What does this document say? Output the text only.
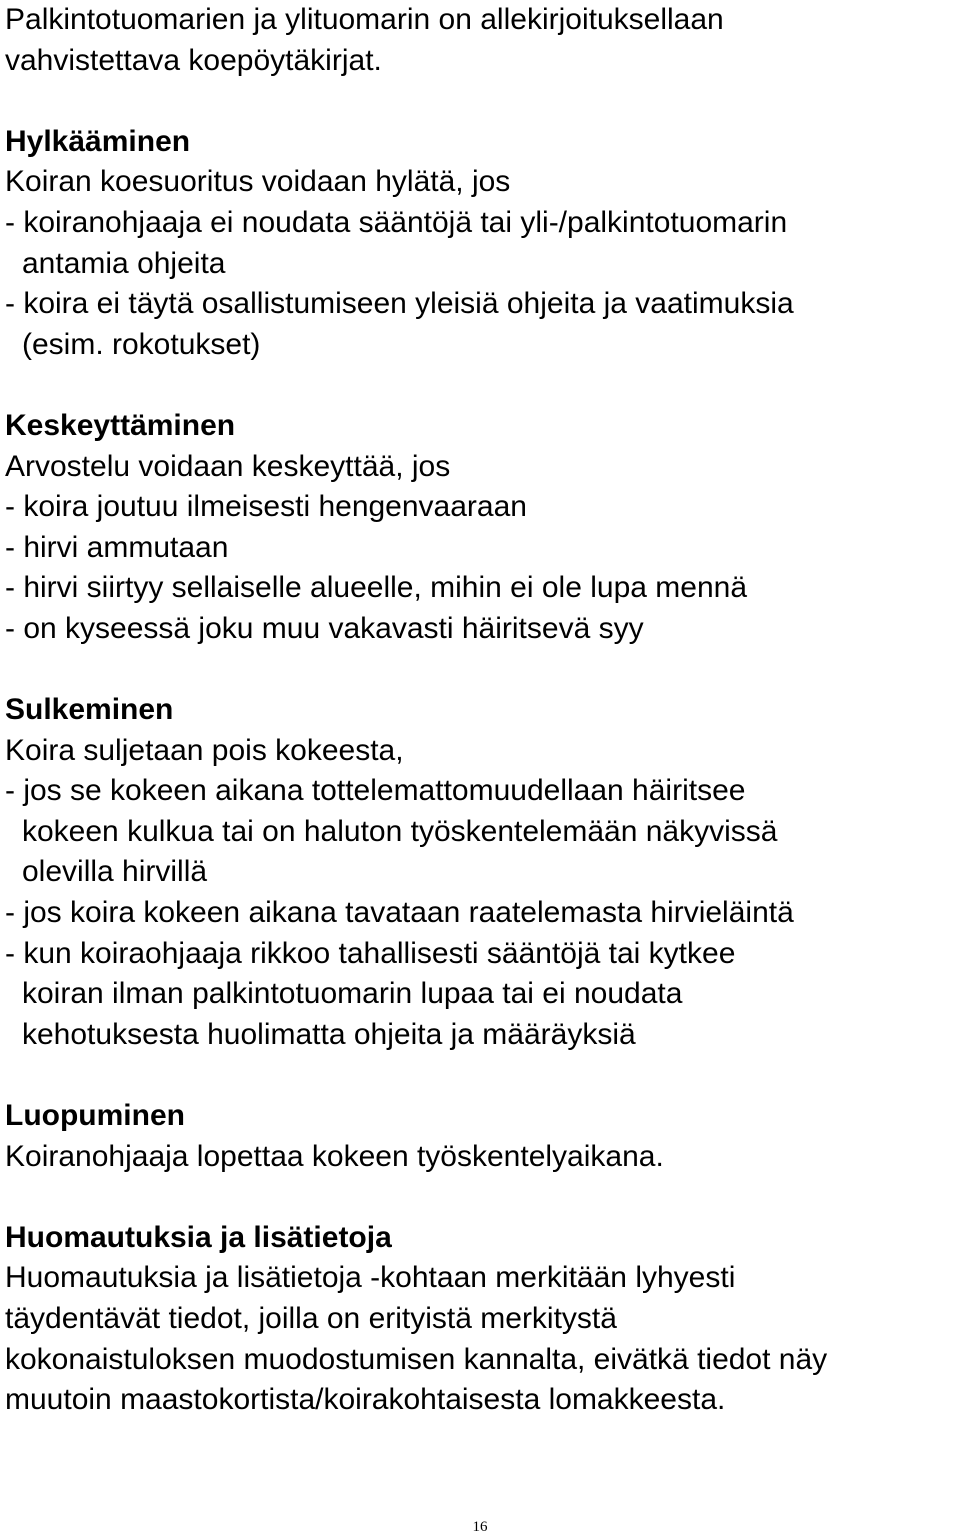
Palkintotuomarien ja ylituomarin on allekirjoituksellaan
vahvistettava koepöytäkirjat.
Hylkääminen
Koiran koesuoritus voidaan hylätä, jos
- koiranohjaaja ei noudata sääntöjä tai yli-/palkintotuomarin
antamia ohjeita
- koira ei täytä osallistumiseen yleisiä ohjeita ja vaatimuksia
(esim. rokotukset)
Keskeyttäminen
Arvostelu voidaan keskeyttää, jos
- koira joutuu ilmeisesti hengenvaaraan
- hirvi ammutaan
- hirvi siirtyy sellaiselle alueelle, mihin ei ole lupa mennä
- on kyseessä joku muu vakavasti häiritsevä syy
Sulkeminen
Koira suljetaan pois kokeesta,
- jos se kokeen aikana tottelemattomuudellaan häiritsee
kokeen kulkua tai on haluton työskentelemään näkyvissä
olevilla hirvillä
- jos koira kokeen aikana tavataan raatelemasta hirvieläintä
- kun koiraohjaaja rikkoo tahallisesti sääntöjä tai kytkee
koiran ilman palkintotuomarin lupaa tai ei noudata
kehotuksesta huolimatta ohjeita ja määräyksiä
Luopuminen
Koiranohjaaja lopettaa kokeen työskentelyaikana.
Huomautuksia ja lisätietoja
Huomautuksia ja lisätietoja -kohtaan merkitään lyhyesti
täydentävät tiedot, joilla on erityistä merkitystä
kokonaistuloksen muodostumisen kannalta, eivätkä tiedot näy
muutoin maastokortista/koirakohtaisesta lomakkeesta.
16
